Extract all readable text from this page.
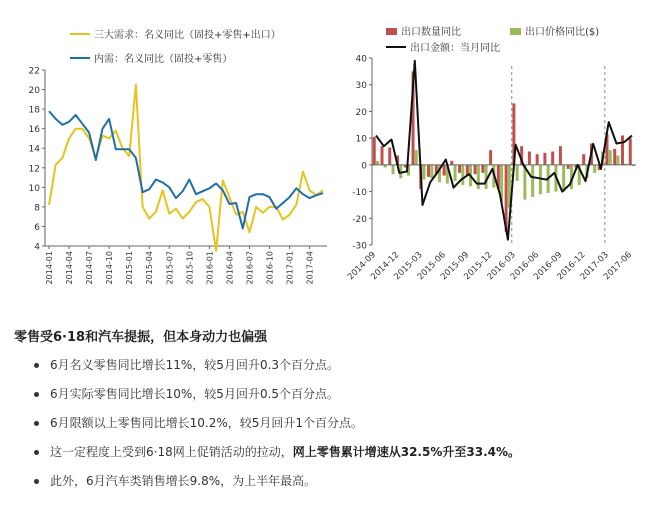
4
6
8
10
12
14
16
18
20
22
2014-01 2014-04 2014-07 2014-10 2015-01 2015-04 2015-07 2015-10 2016-01 2016-04 2016-07 2016-10 2017-01 2017-04
三大需求：名义同比（固投+零售+出口）
内需：名义同比（固投+零售）
-30
-20
-10
0
10
20
30
40
2014-09
2014-12
2015-03
2015-06
2015-09
2015-12
2016-03
2016-06
2016-09
2016-12
2017-03
2017-06
出口数量同比	出口价格同比($)
出口金额：当月同比
零售受6·18和汽车提振，但本身动力也偏强
6月名义零售同比增长11%，较5月回升0.3个百分点。
6月实际零售同比增长10%，较5月回升0.5个百分点。
6月限额以上零售同比增长10.2%，较5月回升1个百分点。
这一定程度上受到6·18网上促销活动的拉动，网上零售累计增速从32.5%升至33.4%。
此外，6月汽车类销售增长9.8%，为上半年最高。
